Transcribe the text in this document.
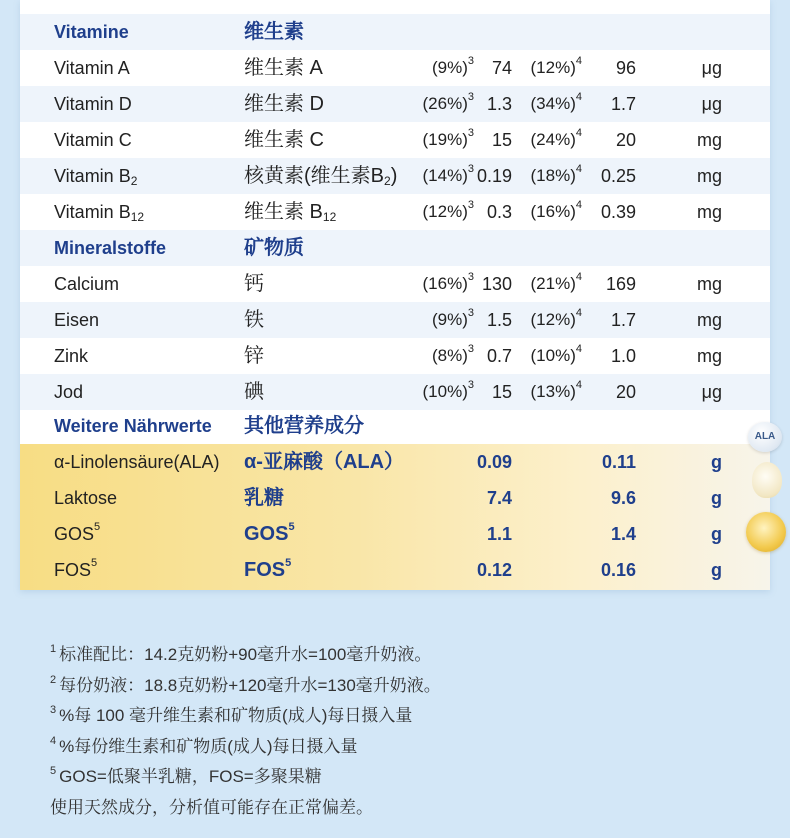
Vitamine	维生素
Vitamin A	维生素 A	$(9\%)^3$ 74 $(12\%)^4$ 96	μg
Vitamin D	维生素 D	$(26\%)^3$ 1.3 $(34\%)^4$ 1.7	μg
Vitamin C	维生素 C	$(19\%)^3$ 15 $(24\%)^4$ 20	mg
Vitamin $B_2$	核黄素(维生素$B_2$) $(14\%)^3$ 0.19 $(18\%)^4$ 0.25	mg
Vitamin $B_{12}$	维生素 $B_{12}$	$(12\%)^3$ 0.3 $(16\%)^4$ 0.39	mg
Mineralstoffe	矿物质
Calcium	钙	$(16\%)^3$ 130 $(21\%)^4$ 169	mg
Eisen	铁	$(9\%)^3$ 1.5 $(12\%)^4$ 1.7	mg
Zink	锌	$(8\%)^3$ 0.7 $(10\%)^4$ 1.0	mg
Jod	碘	$(10\%)^3$ 15 $(13\%)^4$ 20	μg
Weitere Nährwerte 其他营养成分
α-Linolensäure(ALA) α-亚麻酸（ALA）	0.09	0.11	g
Laktose	乳糖	7.4	9.6	g
GOS$^5$	GOS$^5$	1.1	1.4	g
FOS$^5$	FOS$^5$	0.12	0.16	g
ALA
$^1$ 标准配比：14.2克奶粉+90毫升水=100毫升奶液。
$^2$ 每份奶液：18.8克奶粉+120毫升水=130毫升奶液。
$^3$ %每 100 毫升维生素和矿物质(成人)每日摄入量
$^4$ %每份维生素和矿物质(成人)每日摄入量
$^5$ GOS=低聚半乳糖，FOS=多聚果糖
使用天然成分，分析值可能存在正常偏差。
